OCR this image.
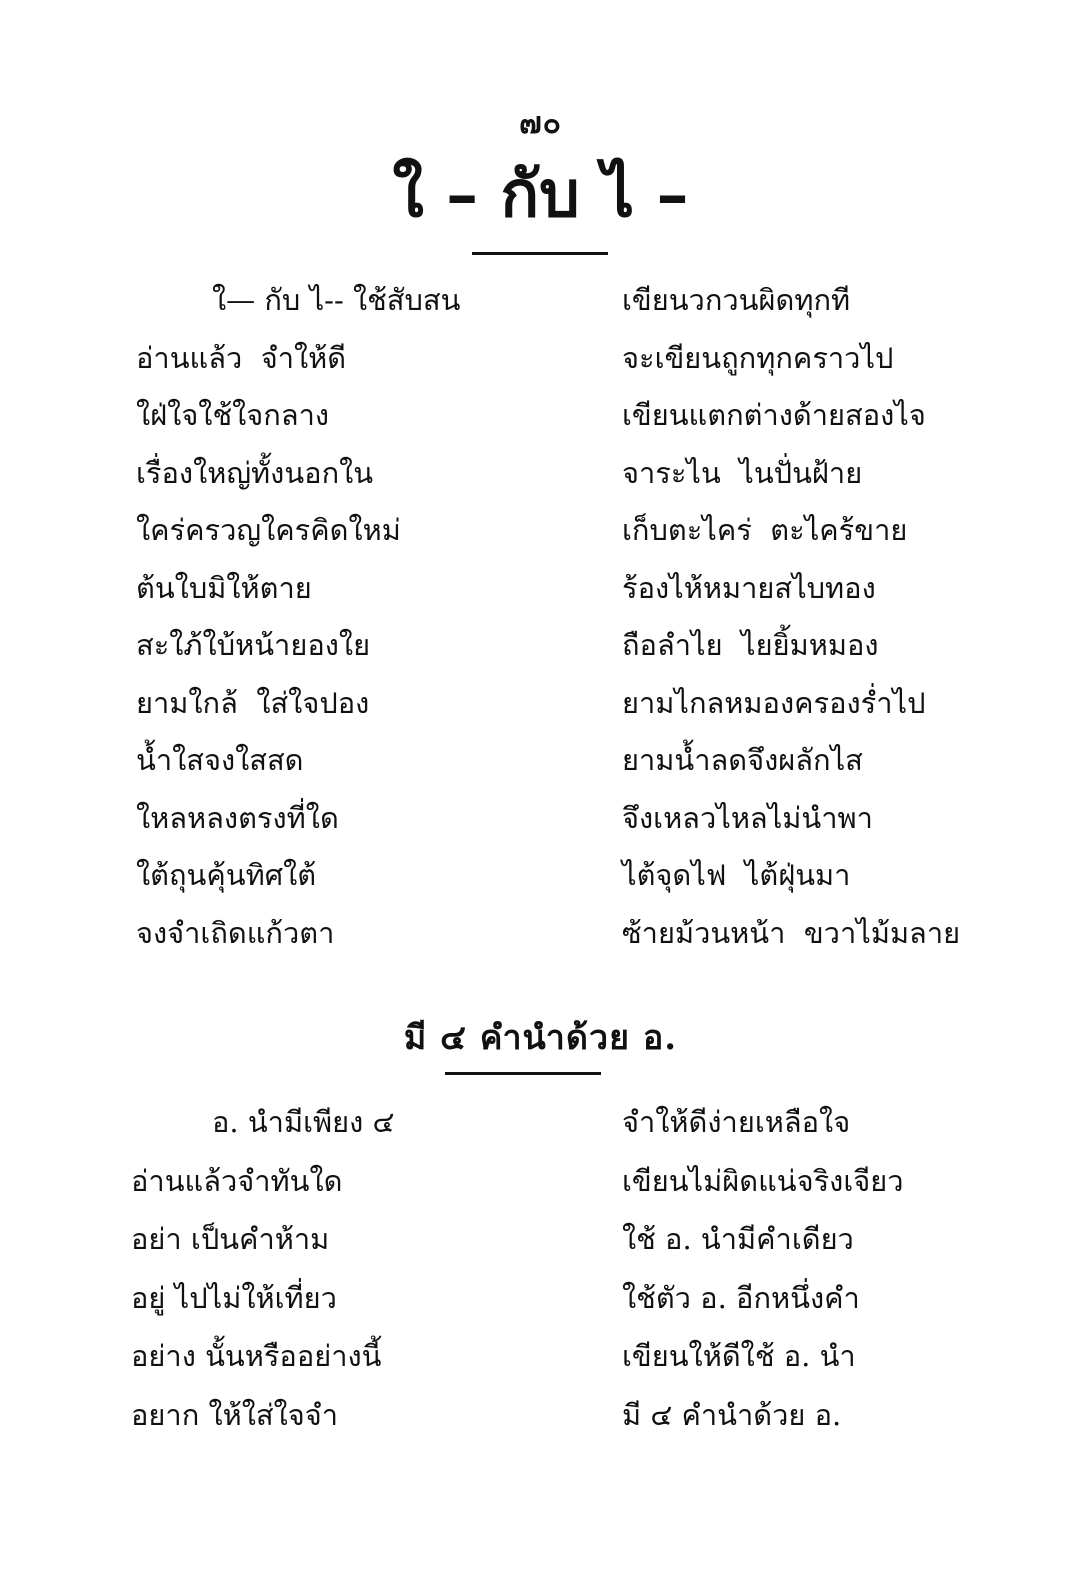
๗๐
ใ – กับ ไ –
ใ— กับ ไ-- ใช้สับสน	เขียนวกวนผิดทุกที
อ่านแล้ว  จำให้ดี	จะเขียนถูกทุกคราวไป
ใฝ่ใจใช้ใจกลาง	เขียนแตกต่างด้ายสองไจ
เรื่องใหญ่ทั้งนอกใน	จาระไน  ไนปั่นฝ้าย
ใคร่ครวญใครคิดใหม่	เก็บตะไคร่  ตะไคร้ขาย
ต้นใบมิให้ตาย	ร้องไห้หมายสไบทอง
สะใภ้ใบ้หน้ายองใย	ถือลำไย  ไยยิ้มหมอง
ยามใกล้  ใส่ใจปอง	ยามไกลหมองครองร่ำไป
น้ำใสจงใสสด	ยามน้ำลดจึงผลักไส
ใหลหลงตรงที่ใด	จึงเหลวไหลไม่นำพา
ใต้ถุนคุ้นทิศใต้	ไต้จุดไฟ  ไต้ฝุ่นมา
จงจำเถิดแก้วตา	ซ้ายม้วนหน้า  ขวาไม้มลาย
มี ๔ คำนำด้วย อ.
อ. นำมีเพียง ๔	จำให้ดีง่ายเหลือใจ
อ่านแล้วจำทันใด	เขียนไม่ผิดแน่จริงเจียว
อย่า เป็นคำห้าม	ใช้ อ. นำมีคำเดียว
อยู่ ไปไม่ให้เที่ยว	ใช้ตัว อ. อีกหนึ่งคำ
อย่าง นั้นหรืออย่างนี้	เขียนให้ดีใช้ อ. นำ
อยาก ให้ใส่ใจจำ	มี ๔ คำนำด้วย อ.
